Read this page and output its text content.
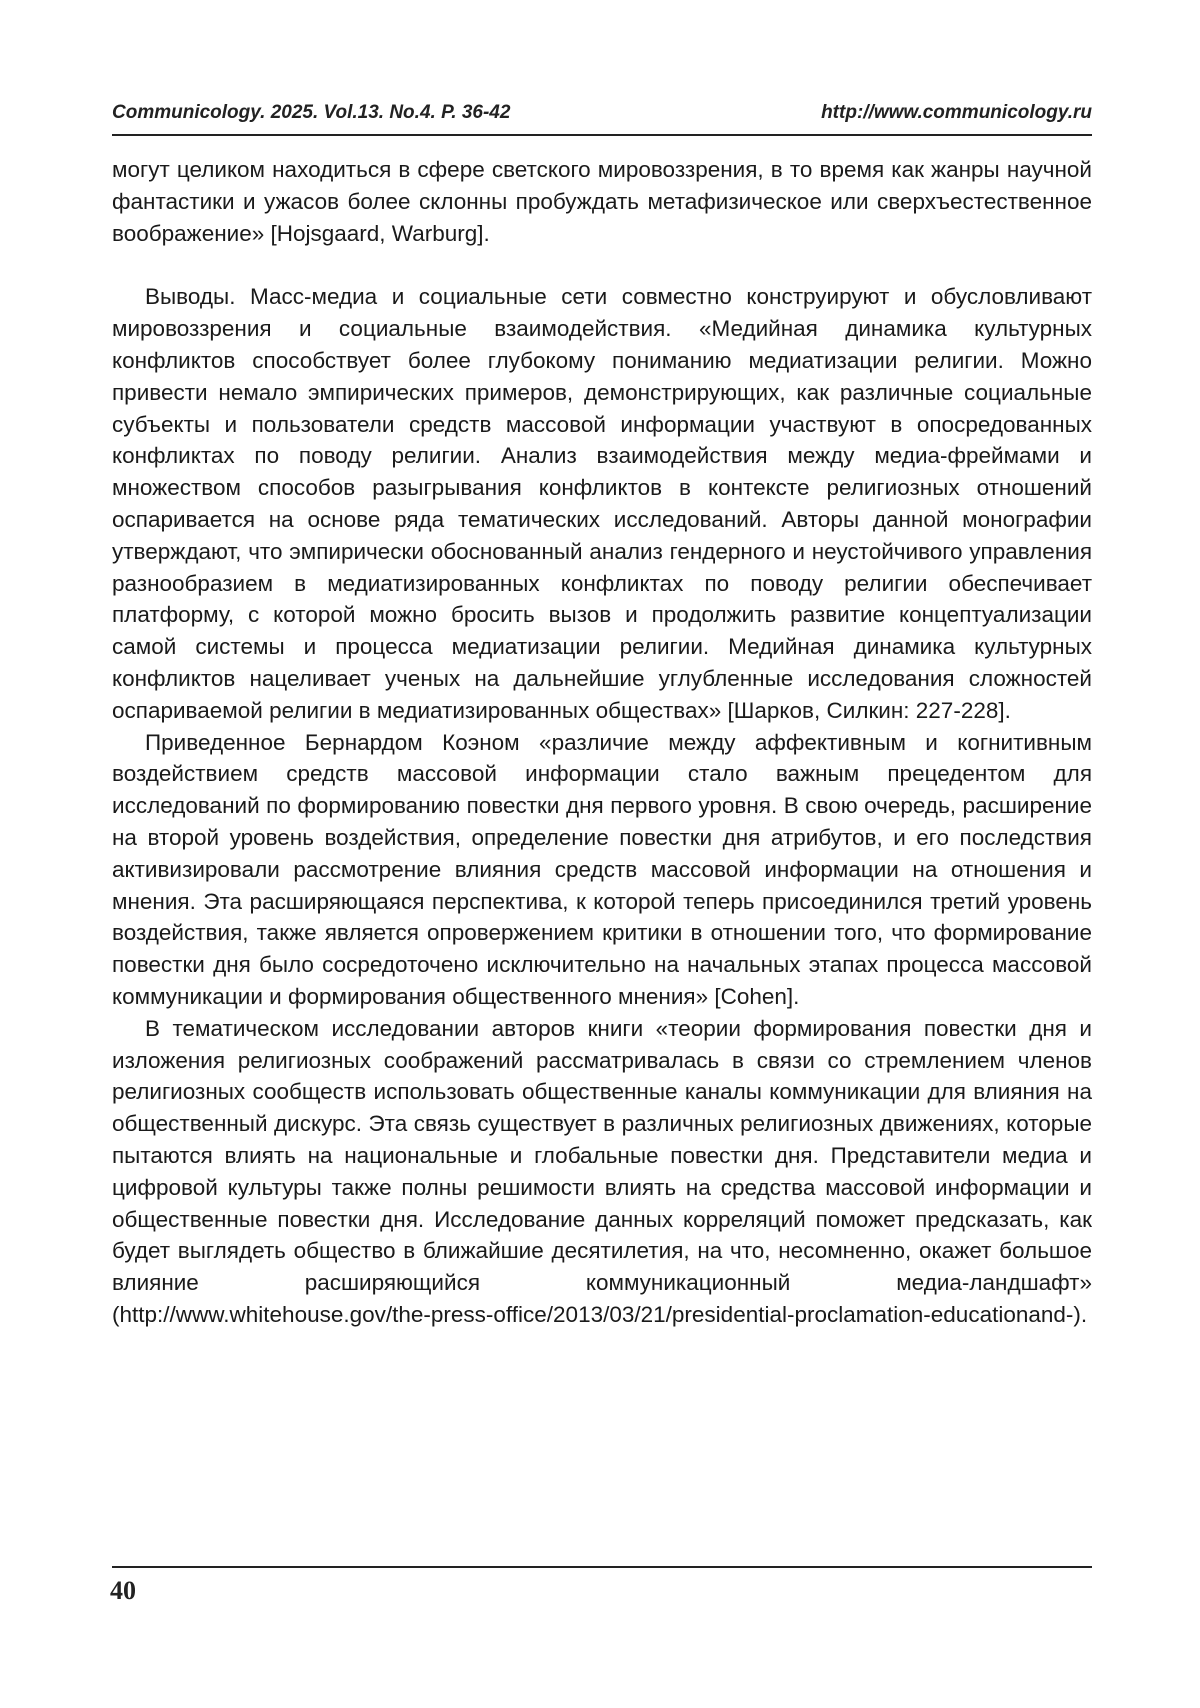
Communicology. 2025. Vol.13. No.4. P. 36-42	http://www.communicology.ru

могут целиком находиться в сфере светского мировоззрения, в то время как жанры научной фантастики и ужасов более склонны пробуждать метафизическое или сверхъестественное воображение» [Hojsgaard, Warburg].

Выводы. Масс-медиа и социальные сети совместно конструируют и обусловливают мировоззрения и социальные взаимодействия. «Медийная динамика культурных конфликтов способствует более глубокому пониманию медиатизации религии. Можно привести немало эмпирических примеров, демонстрирующих, как различные социальные субъекты и пользователи средств массовой информации участвуют в опосредованных конфликтах по поводу религии. Анализ взаимодействия между медиа-фреймами и множеством способов разыгрывания конфликтов в контексте религиозных отношений оспаривается на основе ряда тематических исследований. Авторы данной монографии утверждают, что эмпирически обоснованный анализ гендерного и неустойчивого управления разнообразием в медиатизированных конфликтах по поводу религии обеспечивает платформу, с которой можно бросить вызов и продолжить развитие концептуализации самой системы и процесса медиатизации религии. Медийная динамика культурных конфликтов нацеливает ученых на дальнейшие углубленные исследования сложностей оспариваемой религии в медиатизированных обществах» [Шарков, Силкин: 227-228].

Приведенное Бернардом Коэном «различие между аффективным и когнитивным воздействием средств массовой информации стало важным прецедентом для исследований по формированию повестки дня первого уровня. В свою очередь, расширение на второй уровень воздействия, определение повестки дня атрибутов, и его последствия активизировали рассмотрение влияния средств массовой информации на отношения и мнения. Эта расширяющаяся перспектива, к которой теперь присоединился третий уровень воздействия, также является опровержением критики в отношении того, что формирование повестки дня было сосредоточено исключительно на начальных этапах процесса массовой коммуникации и формирования общественного мнения» [Cohen].

В тематическом исследовании авторов книги «теории формирования повестки дня и изложения религиозных соображений рассматривалась в связи со стремлением членов религиозных сообществ использовать общественные каналы коммуникации для влияния на общественный дискурс. Эта связь существует в различных религиозных движениях, которые пытаются влиять на национальные и глобальные повестки дня. Представители медиа и цифровой культуры также полны решимости влиять на средства массовой информации и общественные повестки дня. Исследование данных корреляций поможет предсказать, как будет выглядеть общество в ближайшие десятилетия, на что, несомненно, окажет большое влияние расширяющийся коммуникационный медиа-ландшафт» (http://www.whitehouse.gov/the-press-office/2013/03/21/presidential-proclamation-educationand-).

40
